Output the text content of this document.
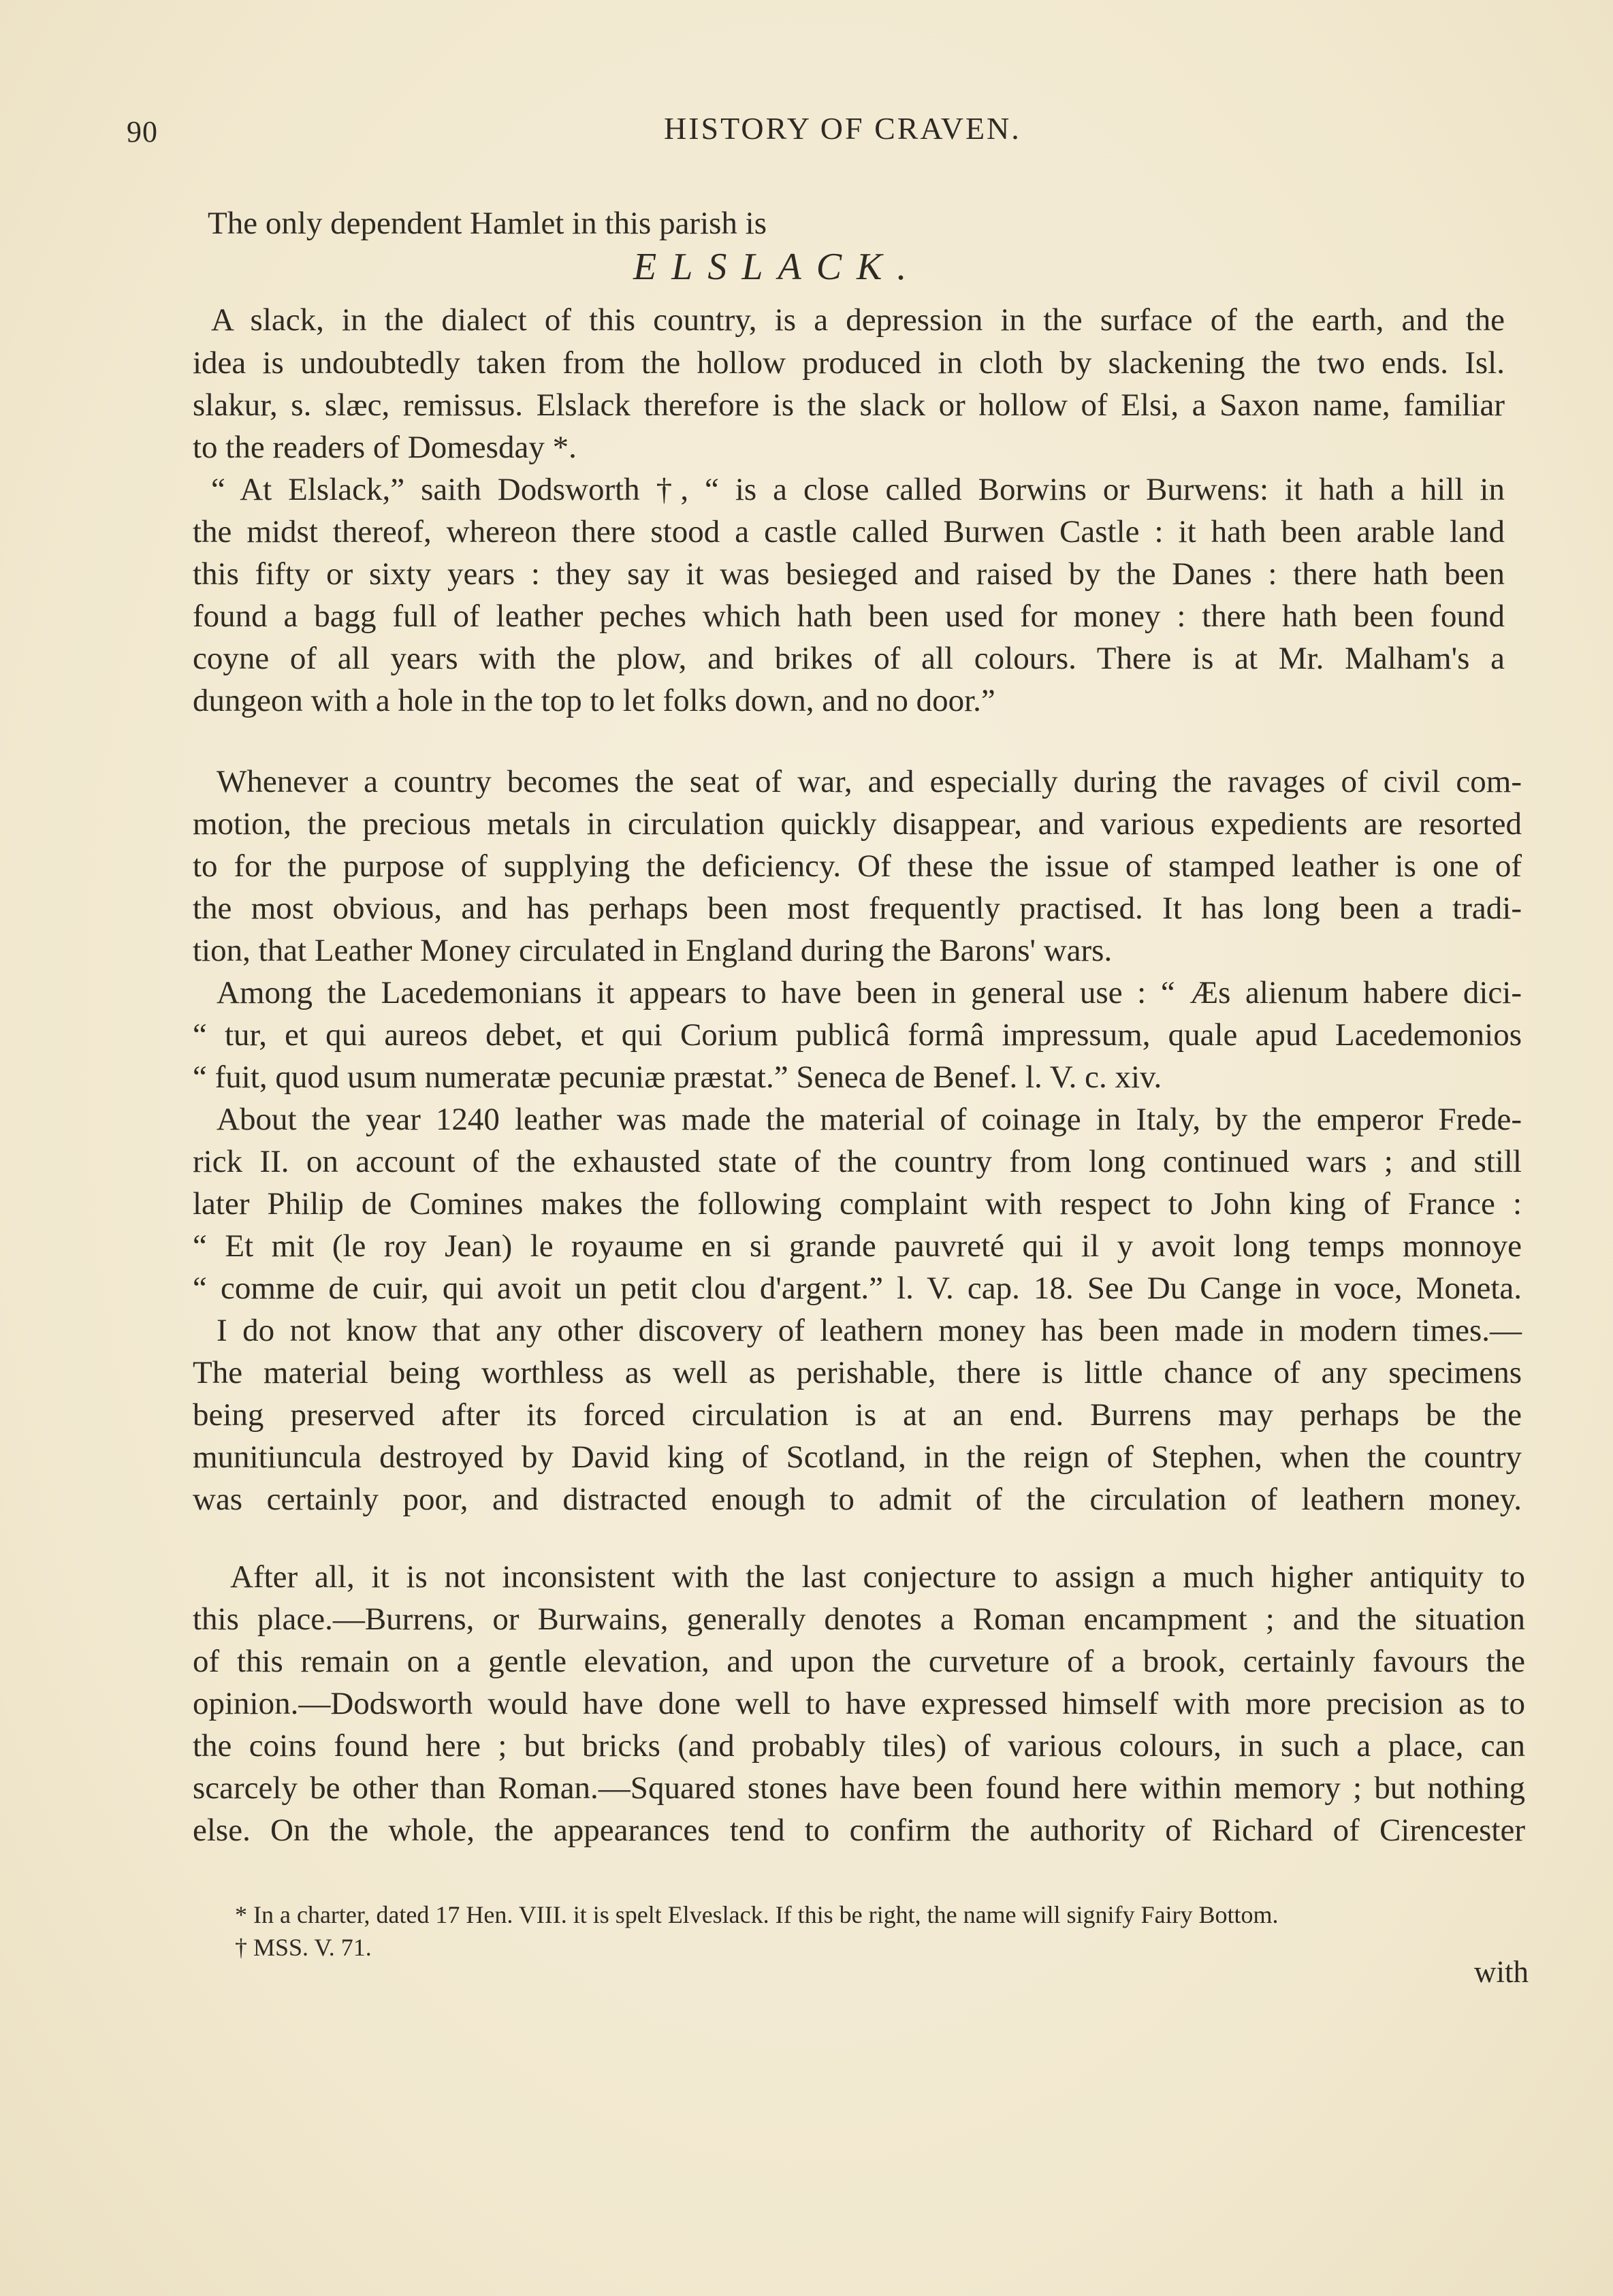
90	HISTORY OF CRAVEN.
The only dependent Hamlet in this parish is
ELSLACK.
A slack, in the dialect of this country, is a depression in the surface of the earth, and the
idea is undoubtedly taken from the hollow produced in cloth by slackening the two ends. Isl.
slakur, s. slæc, remissus. Elslack therefore is the slack or hollow of Elsi, a Saxon name, familiar
to the readers of Domesday *.
“ At Elslack,” saith Dodsworth †, “ is a close called Borwins or Burwens: it hath a hill in
the midst thereof, whereon there stood a castle called Burwen Castle : it hath been arable land
this fifty or sixty years : they say it was besieged and raised by the Danes : there hath been
found a bagg full of leather peches which hath been used for money : there hath been found
coyne of all years with the plow, and brikes of all colours. There is at Mr. Malham's a
dungeon with a hole in the top to let folks down, and no door.”
Whenever a country becomes the seat of war, and especially during the ravages of civil com-
motion, the precious metals in circulation quickly disappear, and various expedients are resorted
to for the purpose of supplying the deficiency. Of these the issue of stamped leather is one of
the most obvious, and has perhaps been most frequently practised. It has long been a tradi-
tion, that Leather Money circulated in England during the Barons' wars.
Among the Lacedemonians it appears to have been in general use : “ Æs alienum habere dici-
“ tur, et qui aureos debet, et qui Corium publicâ formâ impressum, quale apud Lacedemonios
“ fuit, quod usum numeratæ pecuniæ præstat.” Seneca de Benef. l. V. c. xiv.
About the year 1240 leather was made the material of coinage in Italy, by the emperor Frede-
rick II. on account of the exhausted state of the country from long continued wars ; and still
later Philip de Comines makes the following complaint with respect to John king of France :
“ Et mit (le roy Jean) le royaume en si grande pauvreté qui il y avoit long temps monnoye
“ comme de cuir, qui avoit un petit clou d'argent.” l. V. cap. 18. See Du Cange in voce, Moneta.
I do not know that any other discovery of leathern money has been made in modern times.—
The material being worthless as well as perishable, there is little chance of any specimens
being preserved after its forced circulation is at an end. Burrens may perhaps be the
munitiuncula destroyed by David king of Scotland, in the reign of Stephen, when the country
was certainly poor, and distracted enough to admit of the circulation of leathern money.
After all, it is not inconsistent with the last conjecture to assign a much higher antiquity to
this place.—Burrens, or Burwains, generally denotes a Roman encampment ; and the situation
of this remain on a gentle elevation, and upon the curveture of a brook, certainly favours the
opinion.—Dodsworth would have done well to have expressed himself with more precision as to
the coins found here ; but bricks (and probably tiles) of various colours, in such a place, can
scarcely be other than Roman.—Squared stones have been found here within memory ; but nothing
else. On the whole, the appearances tend to confirm the authority of Richard of Cirencester
* In a charter, dated 17 Hen. VIII. it is spelt Elveslack. If this be right, the name will signify Fairy Bottom.
† MSS. V. 71.
with
